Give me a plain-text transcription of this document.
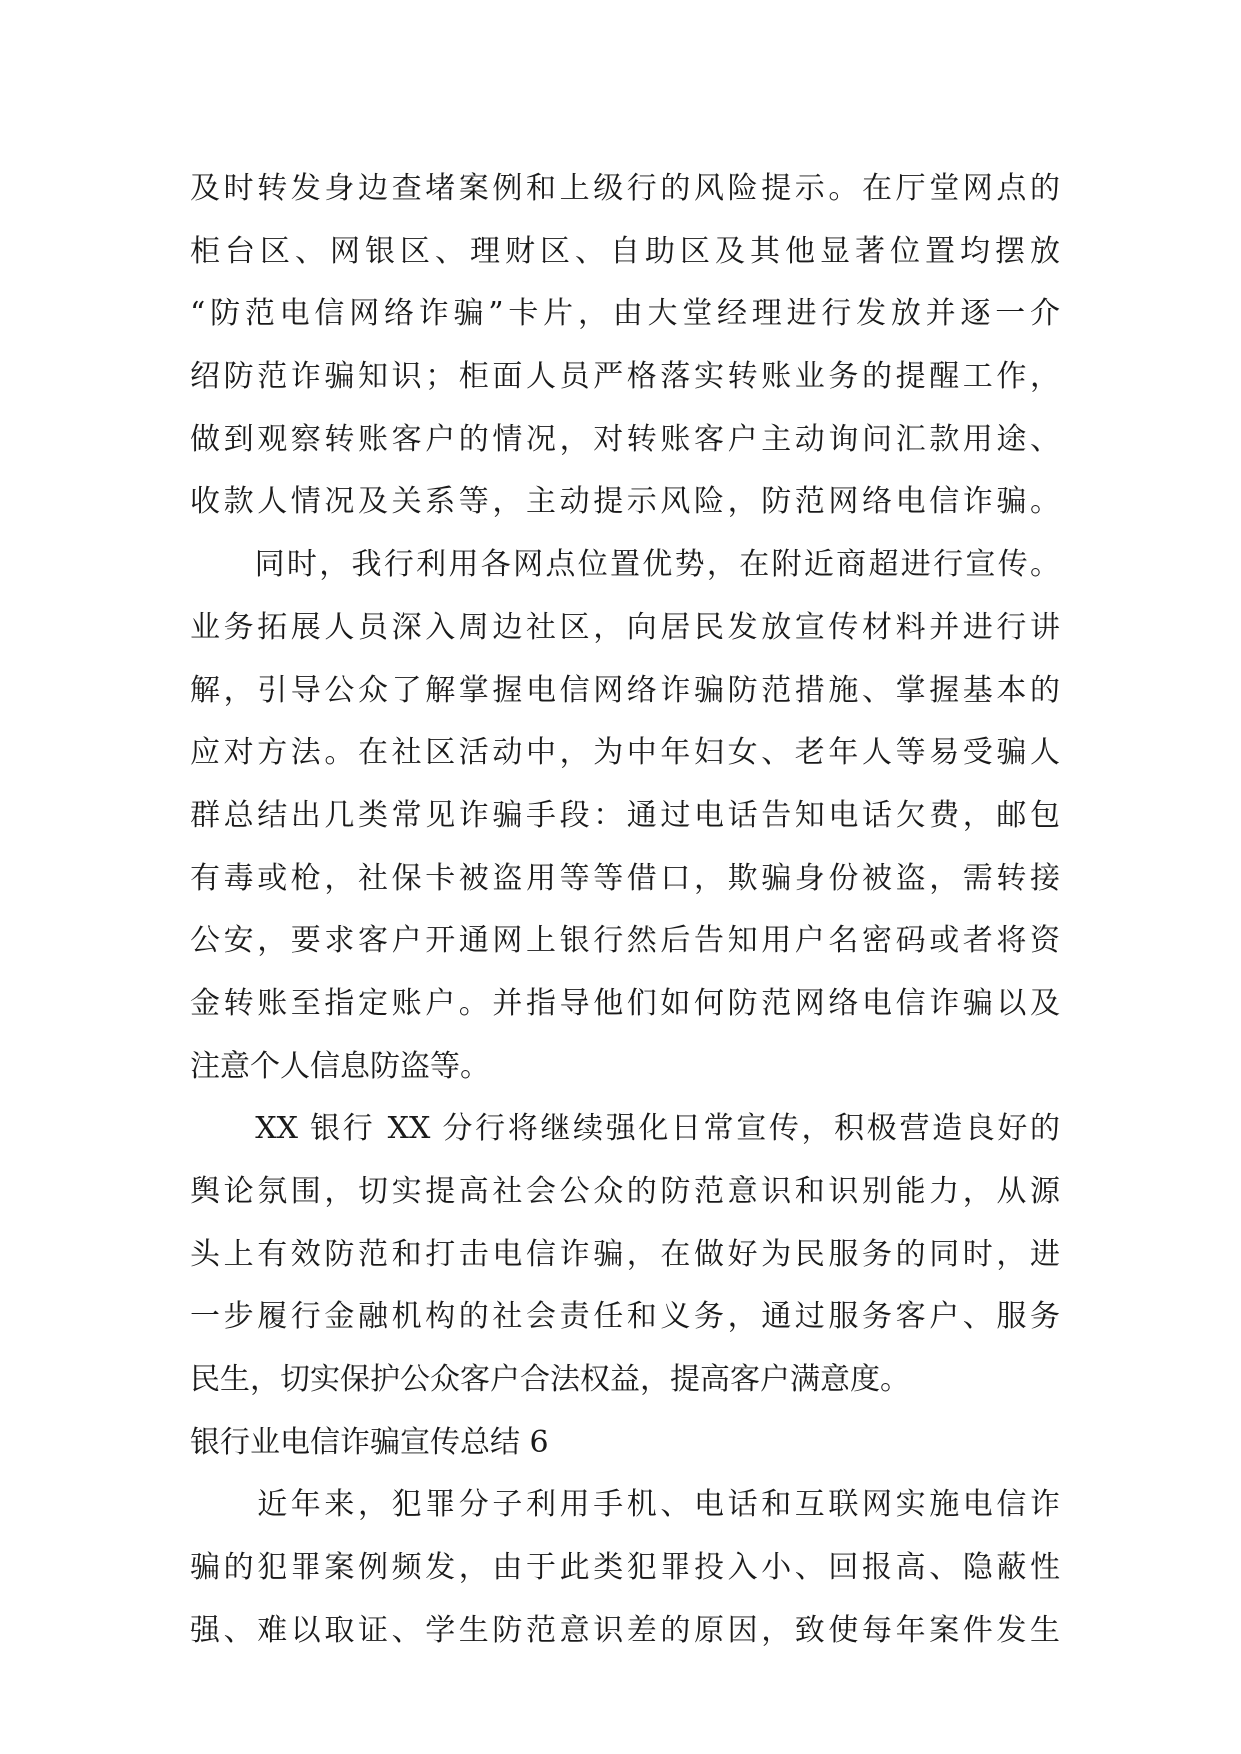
及时转发身边查堵案例和上级行的风险提示。在厅堂网点的
柜台区、网银区、理财区、自助区及其他显著位置均摆放
“防范电信网络诈骗”卡片，由大堂经理进行发放并逐一介
绍防范诈骗知识；柜面人员严格落实转账业务的提醒工作，
做到观察转账客户的情况，对转账客户主动询问汇款用途、
收款人情况及关系等，主动提示风险，防范网络电信诈骗。
　　同时，我行利用各网点位置优势，在附近商超进行宣传。
业务拓展人员深入周边社区，向居民发放宣传材料并进行讲
解，引导公众了解掌握电信网络诈骗防范措施、掌握基本的
应对方法。在社区活动中，为中年妇女、老年人等易受骗人
群总结出几类常见诈骗手段：通过电话告知电话欠费，邮包
有毒或枪，社保卡被盗用等等借口，欺骗身份被盗，需转接
公安，要求客户开通网上银行然后告知用户名密码或者将资
金转账至指定账户。并指导他们如何防范网络电信诈骗以及
注意个人信息防盗等。
　　XX 银行 XX 分行将继续强化日常宣传，积极营造良好的
舆论氛围，切实提高社会公众的防范意识和识别能力，从源
头上有效防范和打击电信诈骗，在做好为民服务的同时，进
一步履行金融机构的社会责任和义务，通过服务客户、服务
民生，切实保护公众客户合法权益，提高客户满意度。
银行业电信诈骗宣传总结 6
　　近年来，犯罪分子利用手机、电话和互联网实施电信诈
骗的犯罪案例频发，由于此类犯罪投入小、回报高、隐蔽性
强、难以取证、学生防范意识差的原因，致使每年案件发生
